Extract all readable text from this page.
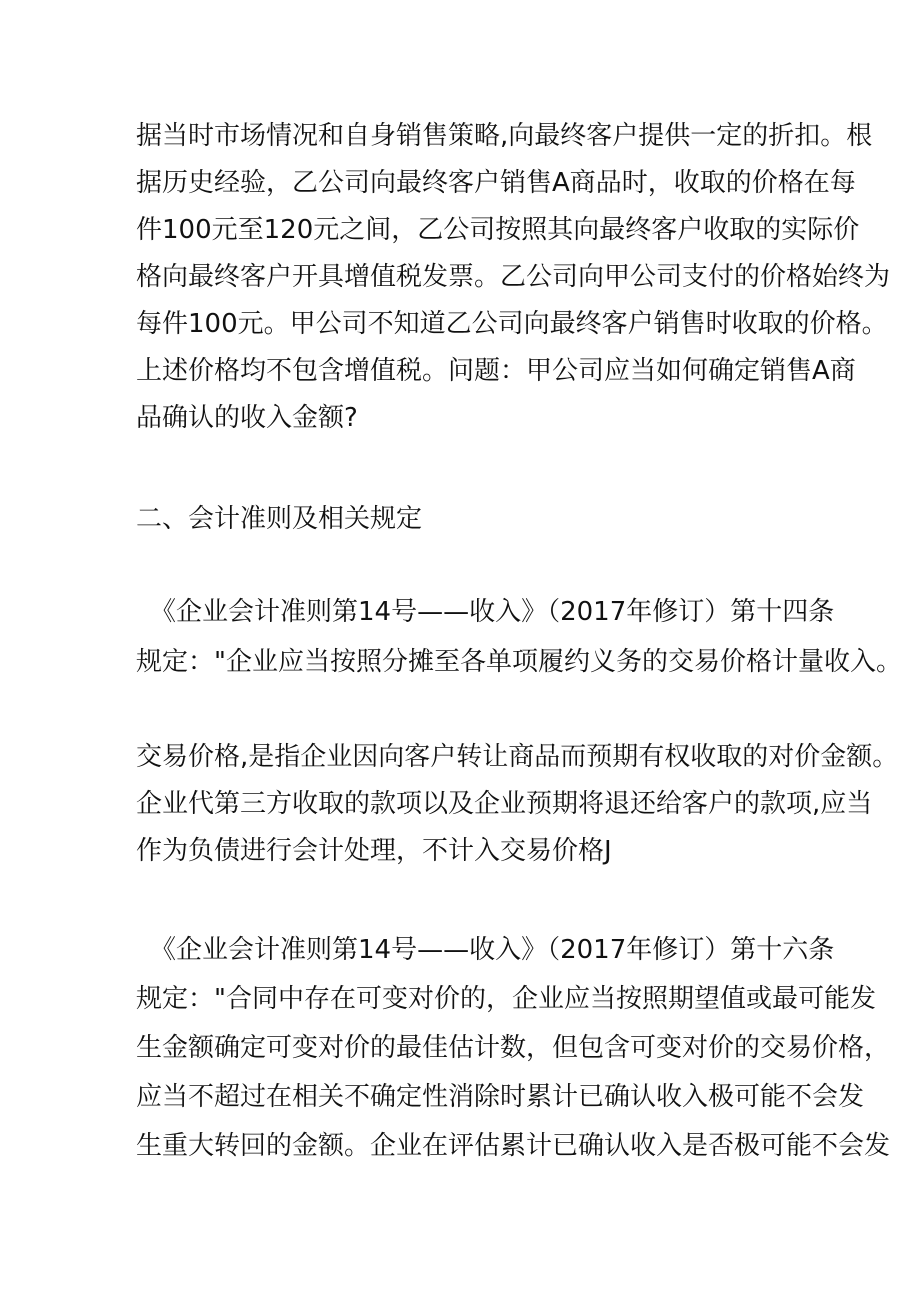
据当时市场情况和自身销售策略,向最终客户提供一定的折扣。根
据历史经验，乙公司向最终客户销售A商品时，收取的价格在每
件100元至120元之间，乙公司按照其向最终客户收取的实际价
格向最终客户开具增值税发票。乙公司向甲公司支付的价格始终为
每件100元。甲公司不知道乙公司向最终客户销售时收取的价格。
上述价格均不包含增值税。问题：甲公司应当如何确定销售A商
品确认的收入金额?
二、会计准则及相关规定
《企业会计准则第14号——收入》（2017年修订）第十四条
规定："企业应当按照分摊至各单项履约义务的交易价格计量收入。
交易价格,是指企业因向客户转让商品而预期有权收取的对价金额。
企业代第三方收取的款项以及企业预期将退还给客户的款项,应当
作为负债进行会计处理，不计入交易价格J
《企业会计准则第14号——收入》（2017年修订）第十六条
规定："合同中存在可变对价的，企业应当按照期望值或最可能发
生金额确定可变对价的最佳估计数，但包含可变对价的交易价格，
应当不超过在相关不确定性消除时累计已确认收入极可能不会发
生重大转回的金额。企业在评估累计已确认收入是否极可能不会发
